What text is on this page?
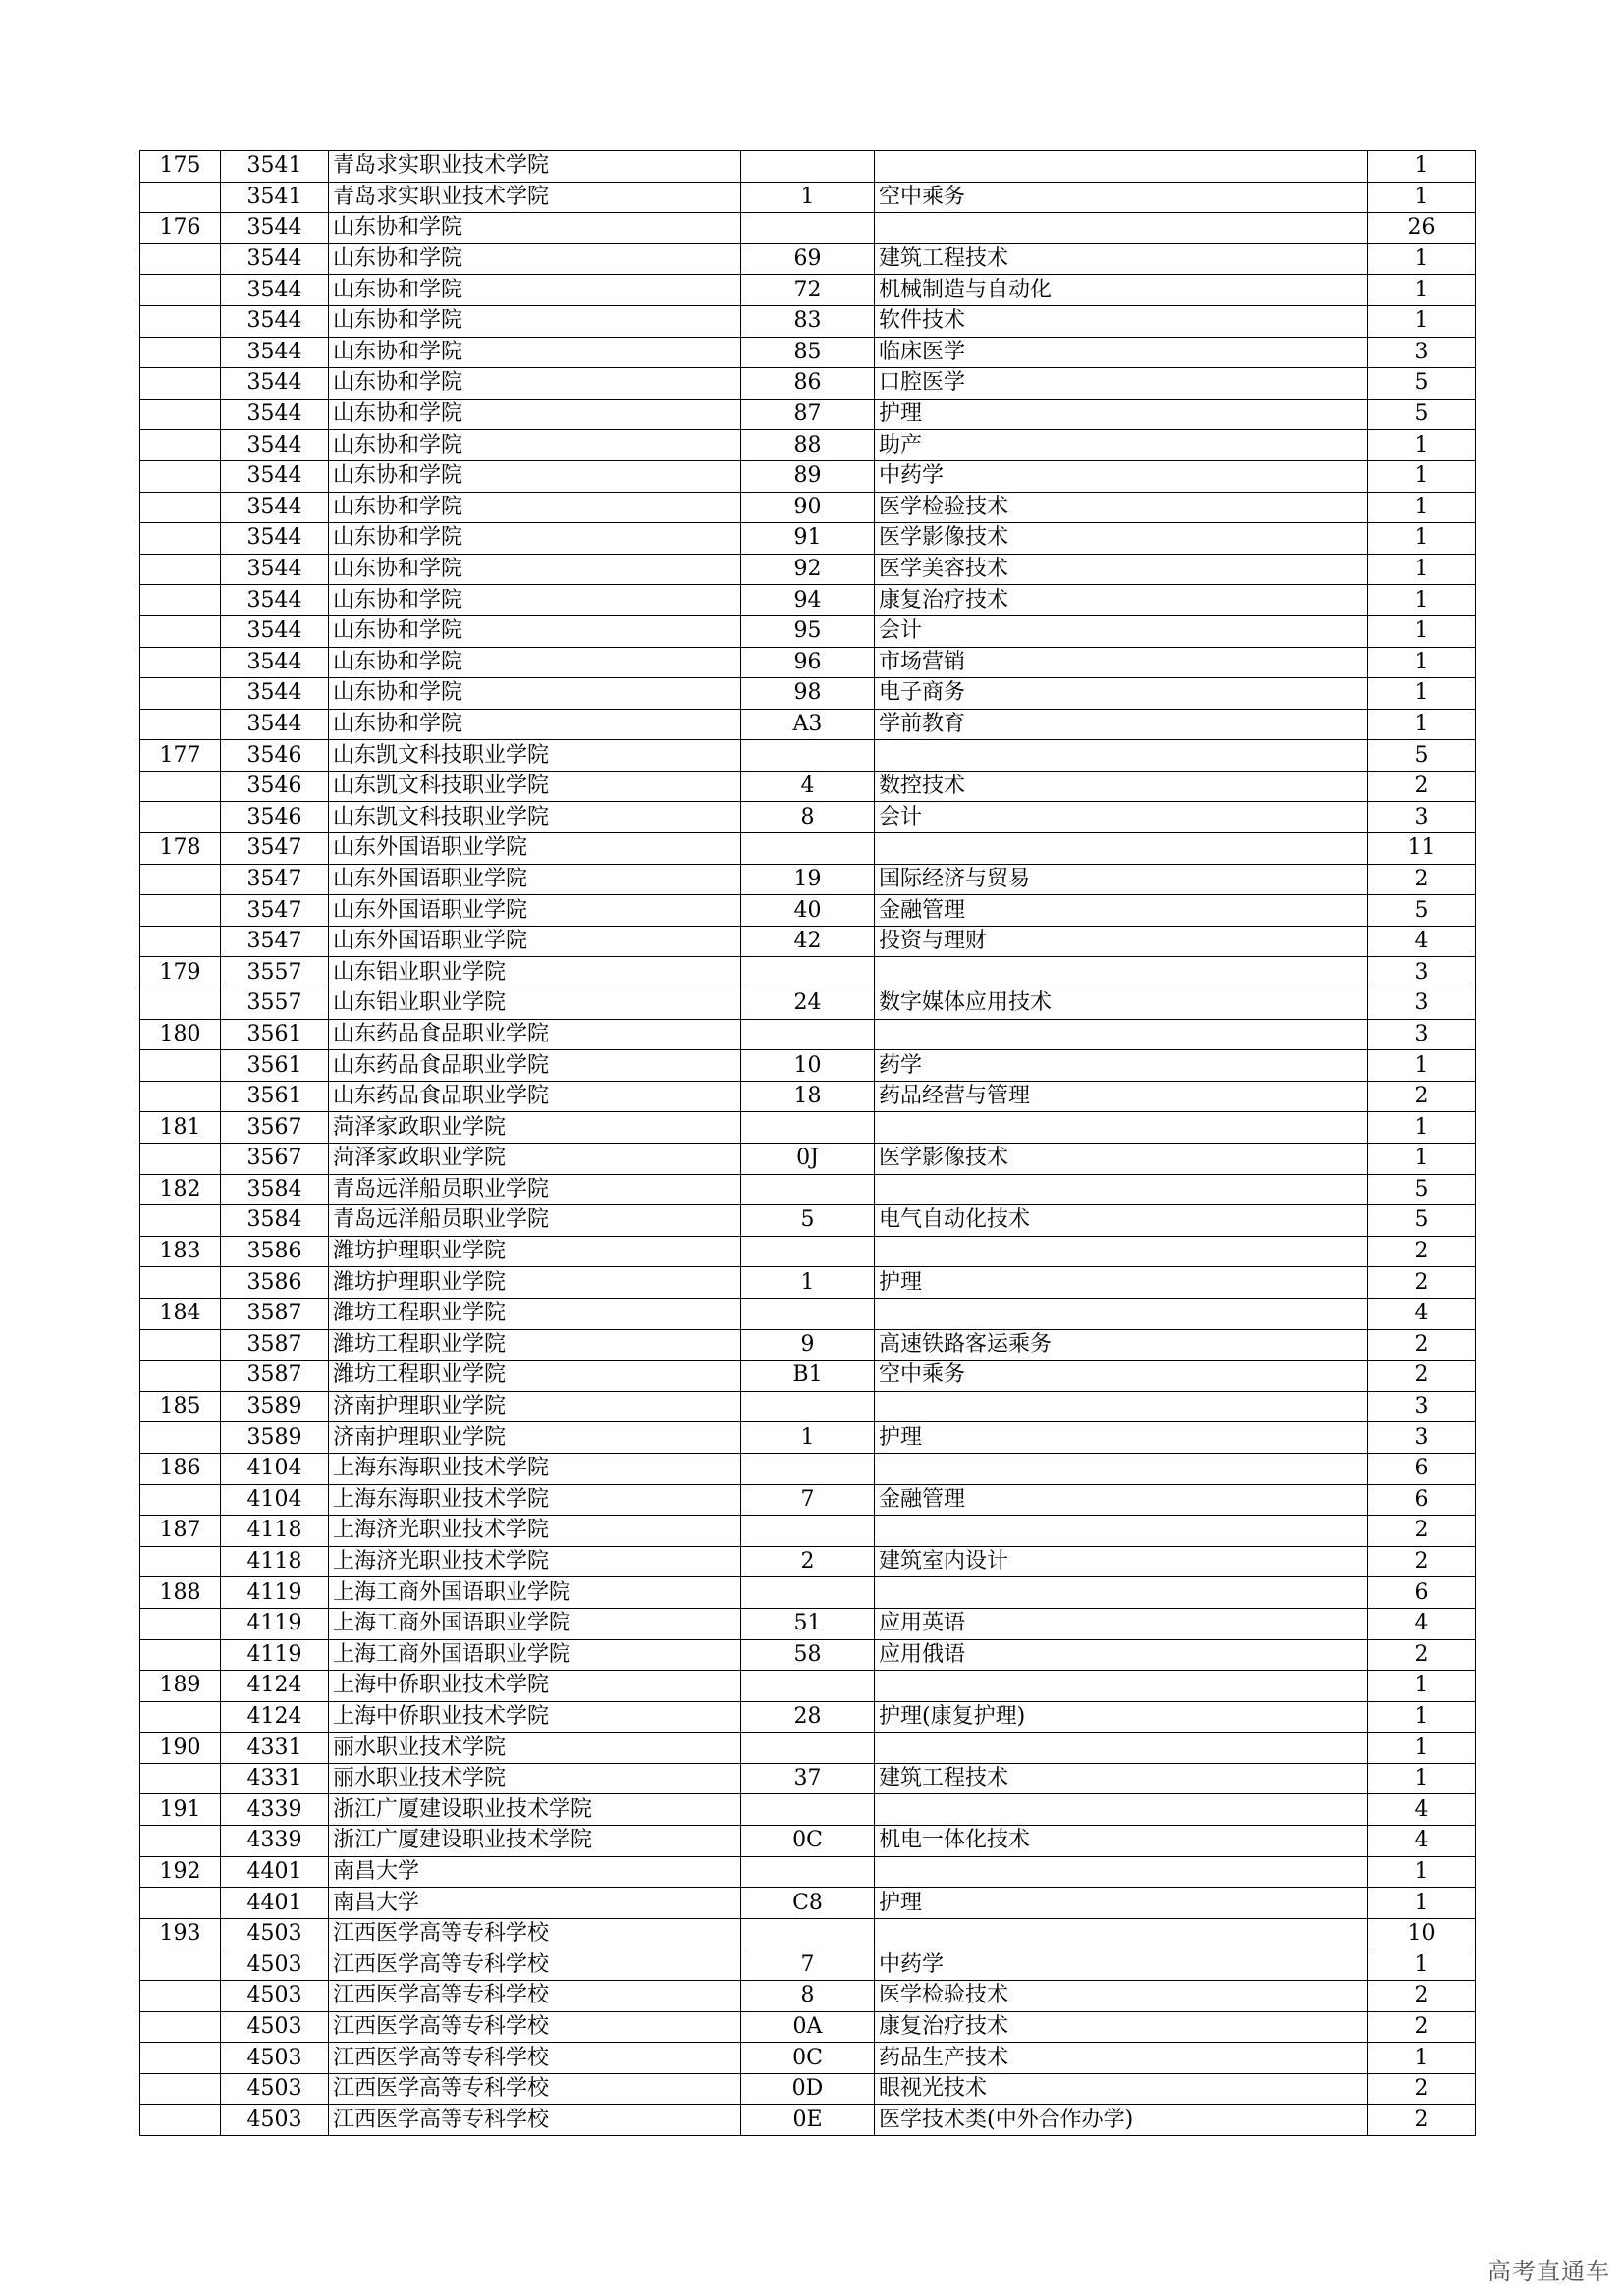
175	3541	青岛求实职业技术学院			1
	3541	青岛求实职业技术学院	1	空中乘务	1
176	3544	山东协和学院			26
	3544	山东协和学院	69	建筑工程技术	1
	3544	山东协和学院	72	机械制造与自动化	1
	3544	山东协和学院	83	软件技术	1
	3544	山东协和学院	85	临床医学	3
	3544	山东协和学院	86	口腔医学	5
	3544	山东协和学院	87	护理	5
	3544	山东协和学院	88	助产	1
	3544	山东协和学院	89	中药学	1
	3544	山东协和学院	90	医学检验技术	1
	3544	山东协和学院	91	医学影像技术	1
	3544	山东协和学院	92	医学美容技术	1
	3544	山东协和学院	94	康复治疗技术	1
	3544	山东协和学院	95	会计	1
	3544	山东协和学院	96	市场营销	1
	3544	山东协和学院	98	电子商务	1
	3544	山东协和学院	A3	学前教育	1
177	3546	山东凯文科技职业学院			5
	3546	山东凯文科技职业学院	4	数控技术	2
	3546	山东凯文科技职业学院	8	会计	3
178	3547	山东外国语职业学院			11
	3547	山东外国语职业学院	19	国际经济与贸易	2
	3547	山东外国语职业学院	40	金融管理	5
	3547	山东外国语职业学院	42	投资与理财	4
179	3557	山东铝业职业学院			3
	3557	山东铝业职业学院	24	数字媒体应用技术	3
180	3561	山东药品食品职业学院			3
	3561	山东药品食品职业学院	10	药学	1
	3561	山东药品食品职业学院	18	药品经营与管理	2
181	3567	菏泽家政职业学院			1
	3567	菏泽家政职业学院	0J	医学影像技术	1
182	3584	青岛远洋船员职业学院			5
	3584	青岛远洋船员职业学院	5	电气自动化技术	5
183	3586	潍坊护理职业学院			2
	3586	潍坊护理职业学院	1	护理	2
184	3587	潍坊工程职业学院			4
	3587	潍坊工程职业学院	9	高速铁路客运乘务	2
	3587	潍坊工程职业学院	B1	空中乘务	2
185	3589	济南护理职业学院			3
	3589	济南护理职业学院	1	护理	3
186	4104	上海东海职业技术学院			6
	4104	上海东海职业技术学院	7	金融管理	6
187	4118	上海济光职业技术学院			2
	4118	上海济光职业技术学院	2	建筑室内设计	2
188	4119	上海工商外国语职业学院			6
	4119	上海工商外国语职业学院	51	应用英语	4
	4119	上海工商外国语职业学院	58	应用俄语	2
189	4124	上海中侨职业技术学院			1
	4124	上海中侨职业技术学院	28	护理(康复护理)	1
190	4331	丽水职业技术学院			1
	4331	丽水职业技术学院	37	建筑工程技术	1
191	4339	浙江广厦建设职业技术学院			4
	4339	浙江广厦建设职业技术学院	0C	机电一体化技术	4
192	4401	南昌大学			1
	4401	南昌大学	C8	护理	1
193	4503	江西医学高等专科学校			10
	4503	江西医学高等专科学校	7	中药学	1
	4503	江西医学高等专科学校	8	医学检验技术	2
	4503	江西医学高等专科学校	0A	康复治疗技术	2
	4503	江西医学高等专科学校	0C	药品生产技术	1
	4503	江西医学高等专科学校	0D	眼视光技术	2
	4503	江西医学高等专科学校	0E	医学技术类(中外合作办学)	2
高考直通车
